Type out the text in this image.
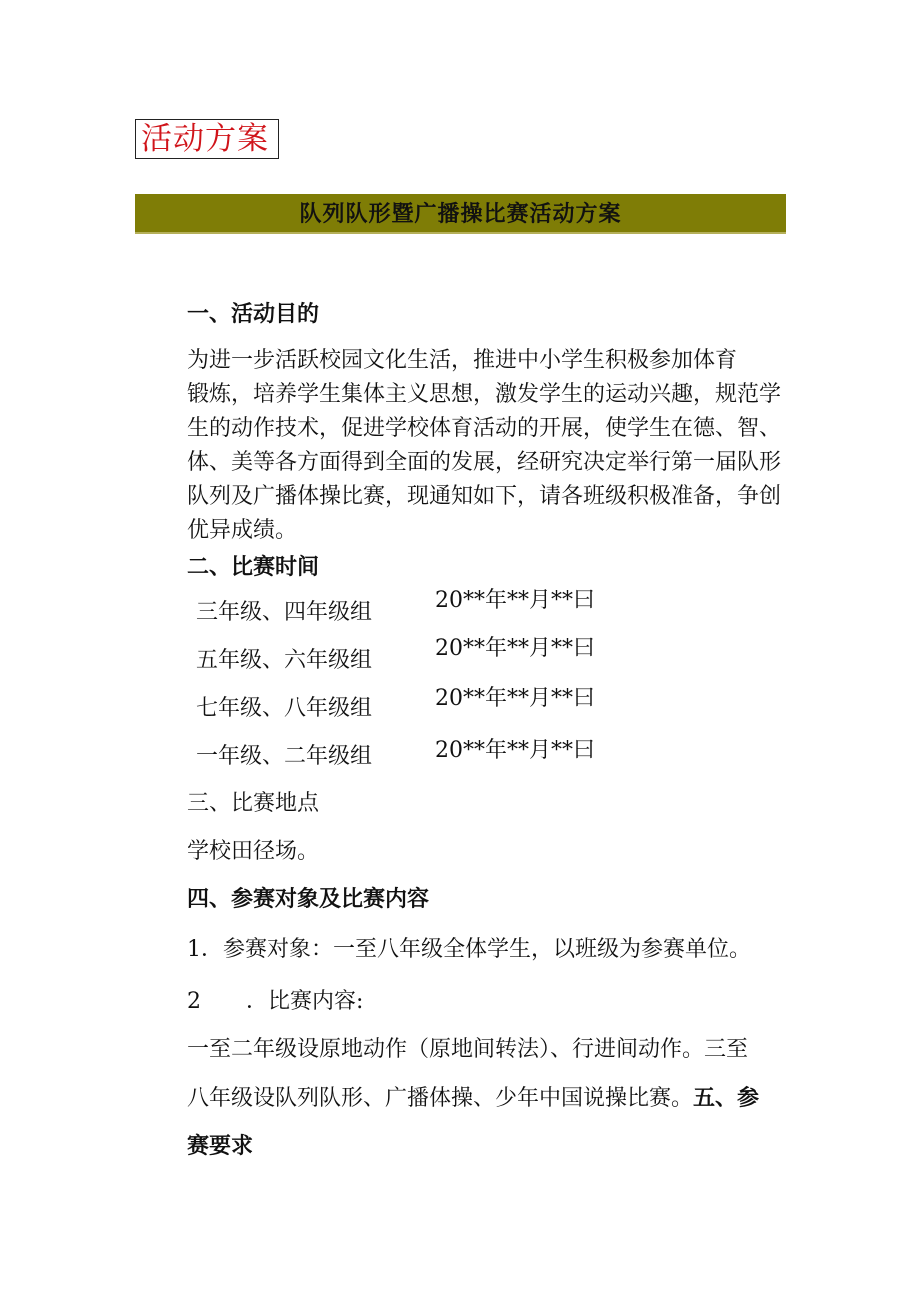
活动方案
队列队形暨广播操比赛活动方案
一、活动目的
为进一步活跃校园文化生活，推进中小学生积极参加体育
锻炼，培养学生集体主义思想，激发学生的运动兴趣，规范学
生的动作技术，促进学校体育活动的开展，使学生在德、智、
体、美等各方面得到全面的发展，经研究决定举行第一届队形
队列及广播体操比赛，现通知如下，请各班级积极准备，争创
优异成绩。
二、比赛时间
三年级、四年级组	20**年**月**曰
五年级、六年级组	20**年**月**曰
七年级、八年级组	20**年**月**曰
一年级、二年级组	20**年**月**曰
三、比赛地点
学校田径场。
四、参赛对象及比赛内容
1．参赛对象：一至八年级全体学生，以班级为参赛单位。
2 ．比赛内容:
一至二年级设原地动作（原地间转法）、行进间动作。三至
八年级设队列队形、广播体操、少年中国说操比赛。五、参
赛要求
